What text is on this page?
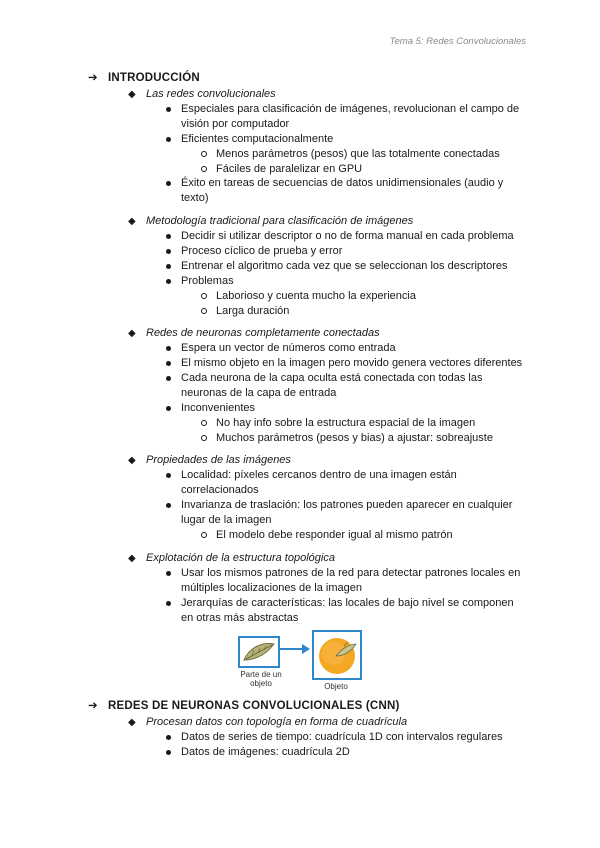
Tema 5: Redes Convolucionales
➔ INTRODUCCIÓN
◆ Las redes convolucionales
Especiales para clasificación de imágenes, revolucionan el campo de visión por computador
Eficientes computacionalmente
Menos parámetros (pesos) que las totalmente conectadas
Fáciles de paralelizar en GPU
Éxito en tareas de secuencias de datos unidimensionales (audio y texto)
◆ Metodología tradicional para clasificación de imágenes
Decidir si utilizar descriptor o no de forma manual en cada problema
Proceso cíclico de prueba y error
Entrenar el algoritmo cada vez que se seleccionan los descriptores
Problemas
Laborioso y cuenta mucho la experiencia
Larga duración
◆ Redes de neuronas completamente conectadas
Espera un vector de números como entrada
El mismo objeto en la imagen pero movido genera vectores diferentes
Cada neurona de la capa oculta está conectada con todas las neuronas de la capa de entrada
Inconvenientes
No hay info sobre la estructura espacial de la imagen
Muchos parámetros (pesos y bias) a ajustar: sobreajuste
◆ Propiedades de las imágenes
Localidad: píxeles cercanos dentro de una imagen están correlacionados
Invarianza de traslación: los patrones pueden aparecer en cualquier lugar de la imagen
El modelo debe responder igual al mismo patrón
◆ Explotación de la estructura topológica
Usar los mismos patrones de la red para detectar patrones locales en múltiples localizaciones de la imagen
Jerarquías de características: las locales de bajo nivel se componen en otras más abstractas
Parte de un objeto	Objeto
➔ REDES DE NEURONAS CONVOLUCIONALES (CNN)
◆ Procesan datos con topología en forma de cuadrícula
Datos de series de tiempo: cuadrícula 1D con intervalos regulares
Datos de imágenes: cuadrícula 2D
